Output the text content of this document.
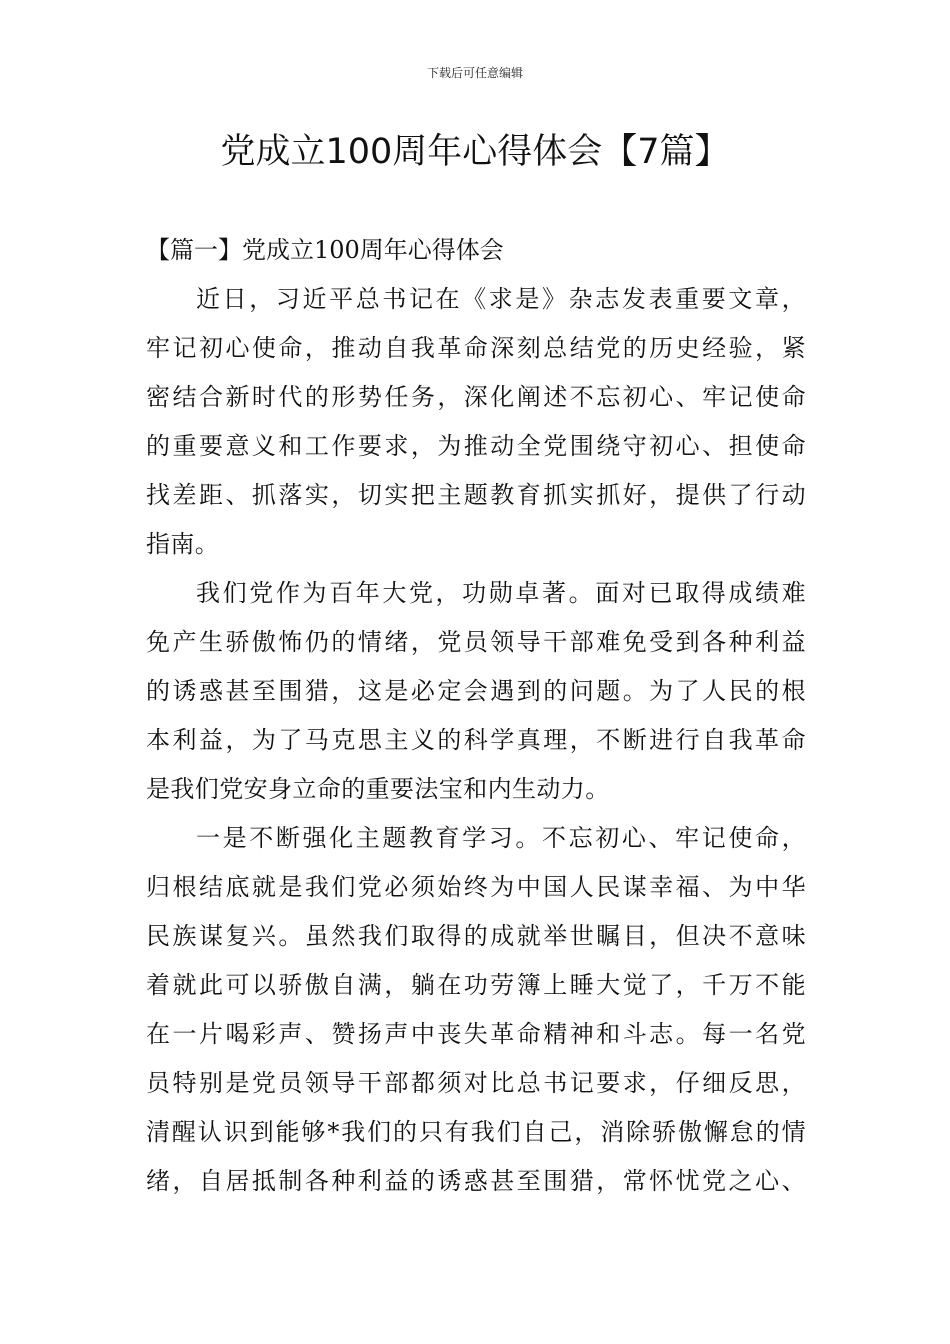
下载后可任意编辑
党成立100周年心得体会【7篇】
【篇一】党成立100周年心得体会
近日，习近平总书记在《求是》杂志发表重要文章，
牢记初心使命，推动自我革命深刻总结党的历史经验，紧
密结合新时代的形势任务，深化阐述不忘初心、牢记使命
的重要意义和工作要求，为推动全党围绕守初心、担使命
找差距、抓落实，切实把主题教育抓实抓好，提供了行动
指南。
我们党作为百年大党，功勋卓著。面对已取得成绩难
免产生骄傲怖仍的情绪，党员领导干部难免受到各种利益
的诱惑甚至围猎，这是必定会遇到的问题。为了人民的根
本利益，为了马克思主义的科学真理，不断进行自我革命
是我们党安身立命的重要法宝和内生动力。
一是不断强化主题教育学习。不忘初心、牢记使命，
归根结底就是我们党必须始终为中国人民谋幸福、为中华
民族谋复兴。虽然我们取得的成就举世瞩目，但决不意味
着就此可以骄傲自满，躺在功劳簿上睡大觉了，千万不能
在一片喝彩声、赞扬声中丧失革命精神和斗志。每一名党
员特别是党员领导干部都须对比总书记要求，仔细反思，
清醒认识到能够*我们的只有我们自己，消除骄傲懈怠的情
绪，自居抵制各种利益的诱惑甚至围猎，常怀忧党之心、
